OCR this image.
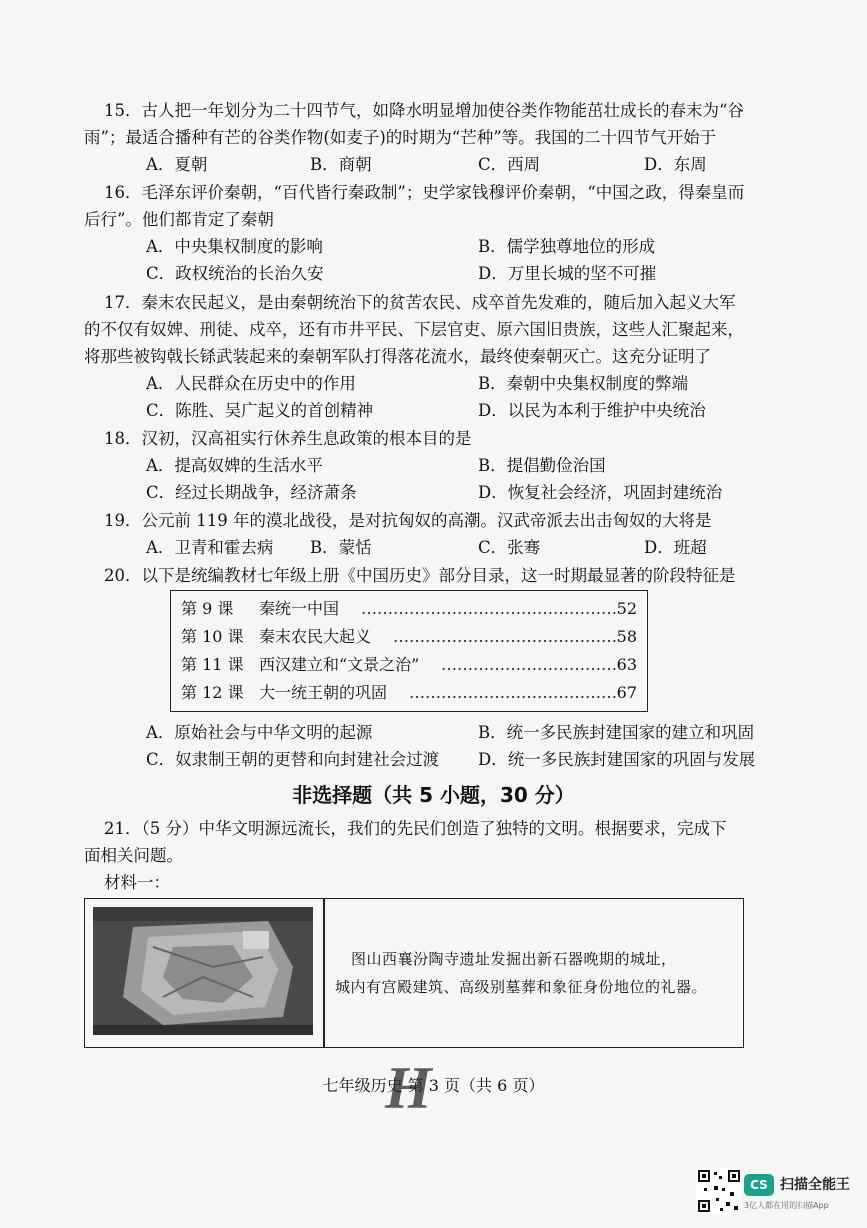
15．古人把一年划分为二十四节气，如降水明显增加使谷类作物能茁壮成长的春末为“谷
雨”；最适合播种有芒的谷类作物(如麦子)的时期为“芒种”等。我国的二十四节气开始于
A．夏朝	B．商朝	C．西周	D．东周
16．毛泽东评价秦朝，“百代皆行秦政制”；史学家钱穆评价秦朝，“中国之政，得秦皇而
后行”。他们都肯定了秦朝
A．中央集权制度的影响	B．儒学独尊地位的形成
C．政权统治的长治久安	D．万里长城的坚不可摧
17．秦末农民起义，是由秦朝统治下的贫苦农民、戍卒首先发难的，随后加入起义大军
的不仅有奴婢、刑徒、戍卒，还有市井平民、下层官吏、原六国旧贵族，这些人汇聚起来，
将那些被钩戟长铩武装起来的秦朝军队打得落花流水，最终使秦朝灭亡。这充分证明了
A．人民群众在历史中的作用	B．秦朝中央集权制度的弊端
C．陈胜、吴广起义的首创精神	D．以民为本利于维护中央统治
18．汉初，汉高祖实行休养生息政策的根本目的是
A．提高奴婢的生活水平	B．提倡勤俭治国
C．经过长期战争，经济萧条	D．恢复社会经济，巩固封建统治
19．公元前 119 年的漠北战役，是对抗匈奴的高潮。汉武帝派去出击匈奴的大将是
A．卫青和霍去病 B．蒙恬	C．张骞	D．班超
20．以下是统编教材七年级上册《中国历史》部分目录，这一时期最显著的阶段特征是
第 9 课 秦统一中国 ………………………………………… 52
第 10 课 秦末农民大起义 …………………………………… 58
第 11 课 西汉建立和“文景之治” …………………………… 63
第 12 课 大一统王朝的巩固 ………………………………… 67
A．原始社会与中华文明的起源	B．统一多民族封建国家的建立和巩固
C．奴隶制王朝的更替和向封建社会过渡 D．统一多民族封建国家的巩固与发展
非选择题（共 5 小题，30 分）
21．（5 分）中华文明源远流长，我们的先民们创造了独特的文明。根据要求，完成下
面相关问题。
材料一：
图山西襄汾陶寺遗址发掘出新石器晚期的城址，
城内有宫殿建筑、高级别墓葬和象征身份地位的礼器。
七年级历史 第 3 页（共 6 页）
H
CS 扫描全能王
3亿人都在用的扫描App
